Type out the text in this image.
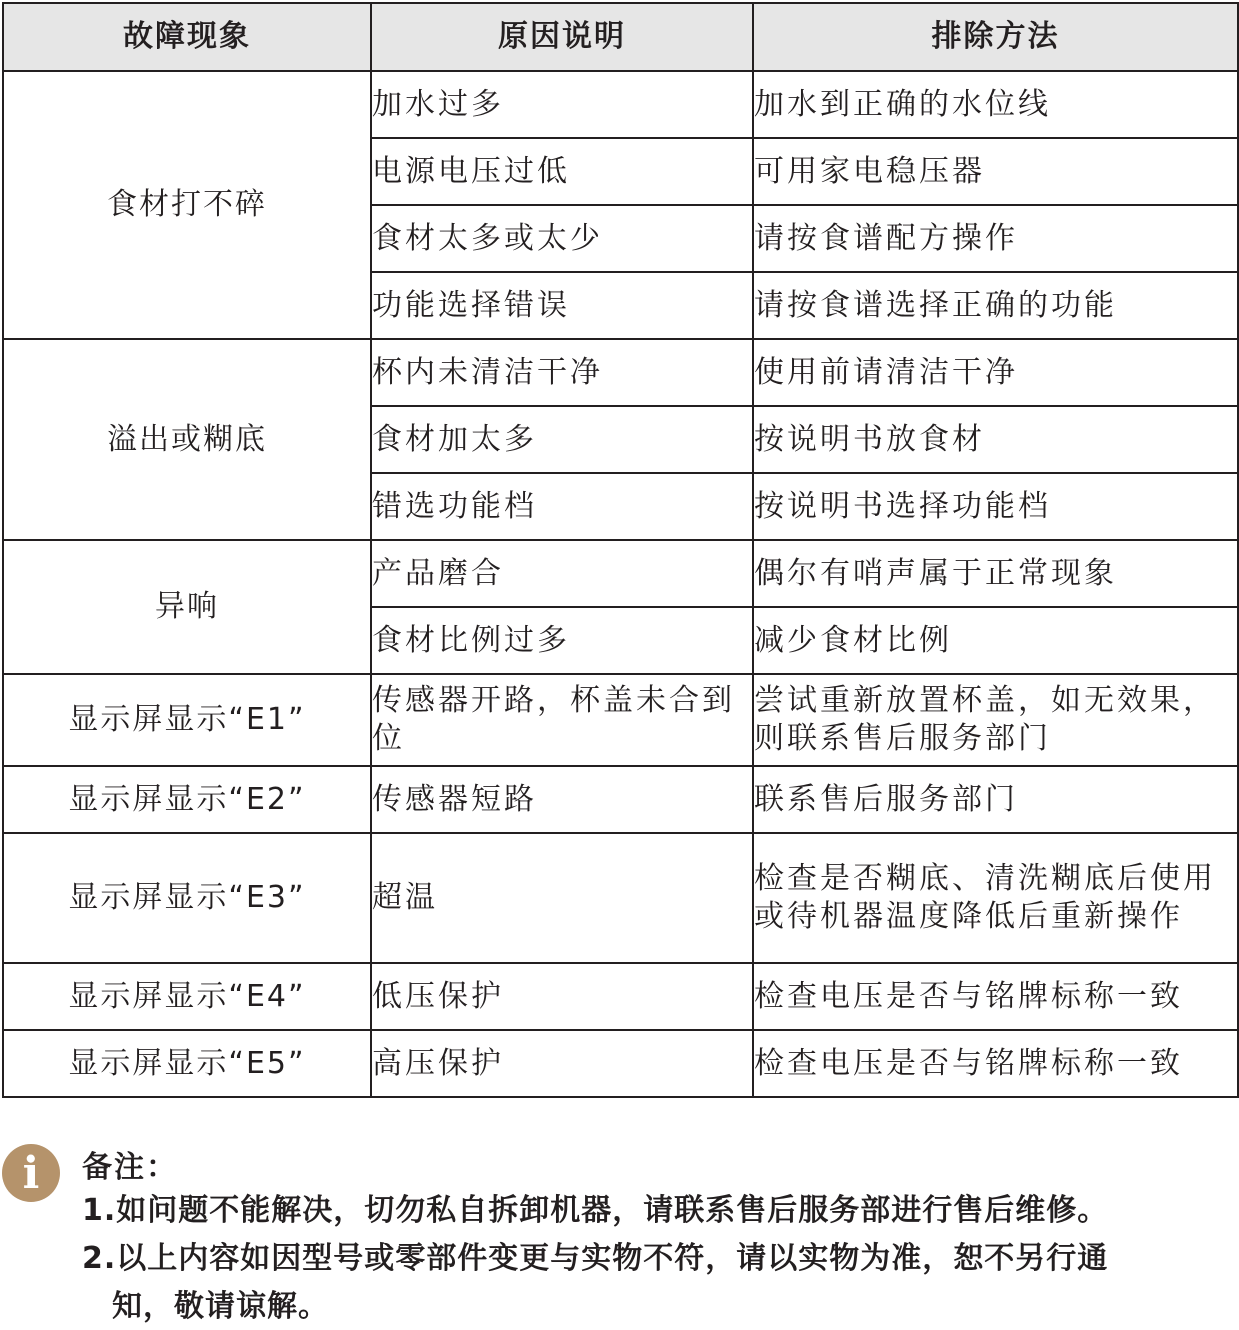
故障现象	原因说明	排除方法
食材打不碎	加水过多	加水到正确的水位线
	电源电压过低	可用家电稳压器
	食材太多或太少	请按食谱配方操作
	功能选择错误	请按食谱选择正确的功能
溢出或糊底	杯内未清洁干净	使用前请清洁干净
	食材加太多	按说明书放食材
	错选功能档	按说明书选择功能档
异响	产品磨合	偶尔有哨声属于正常现象
	食材比例过多	减少食材比例
显示屏显示“E1”	传感器开路，杯盖未合到位	尝试重新放置杯盖，如无效果，则联系售后服务部门
显示屏显示“E2”	传感器短路	联系售后服务部门
显示屏显示“E3”	超温	检查是否糊底、清洗糊底后使用或待机器温度降低后重新操作
显示屏显示“E4”	低压保护	检查电压是否与铭牌标称一致
显示屏显示“E5”	高压保护	检查电压是否与铭牌标称一致
i	备注：
1.如问题不能解决，切勿私自拆卸机器，请联系售后服务部进行售后维修。
2.以上内容如因型号或零部件变更与实物不符，请以实物为准，恕不另行通
知，敬请谅解。
